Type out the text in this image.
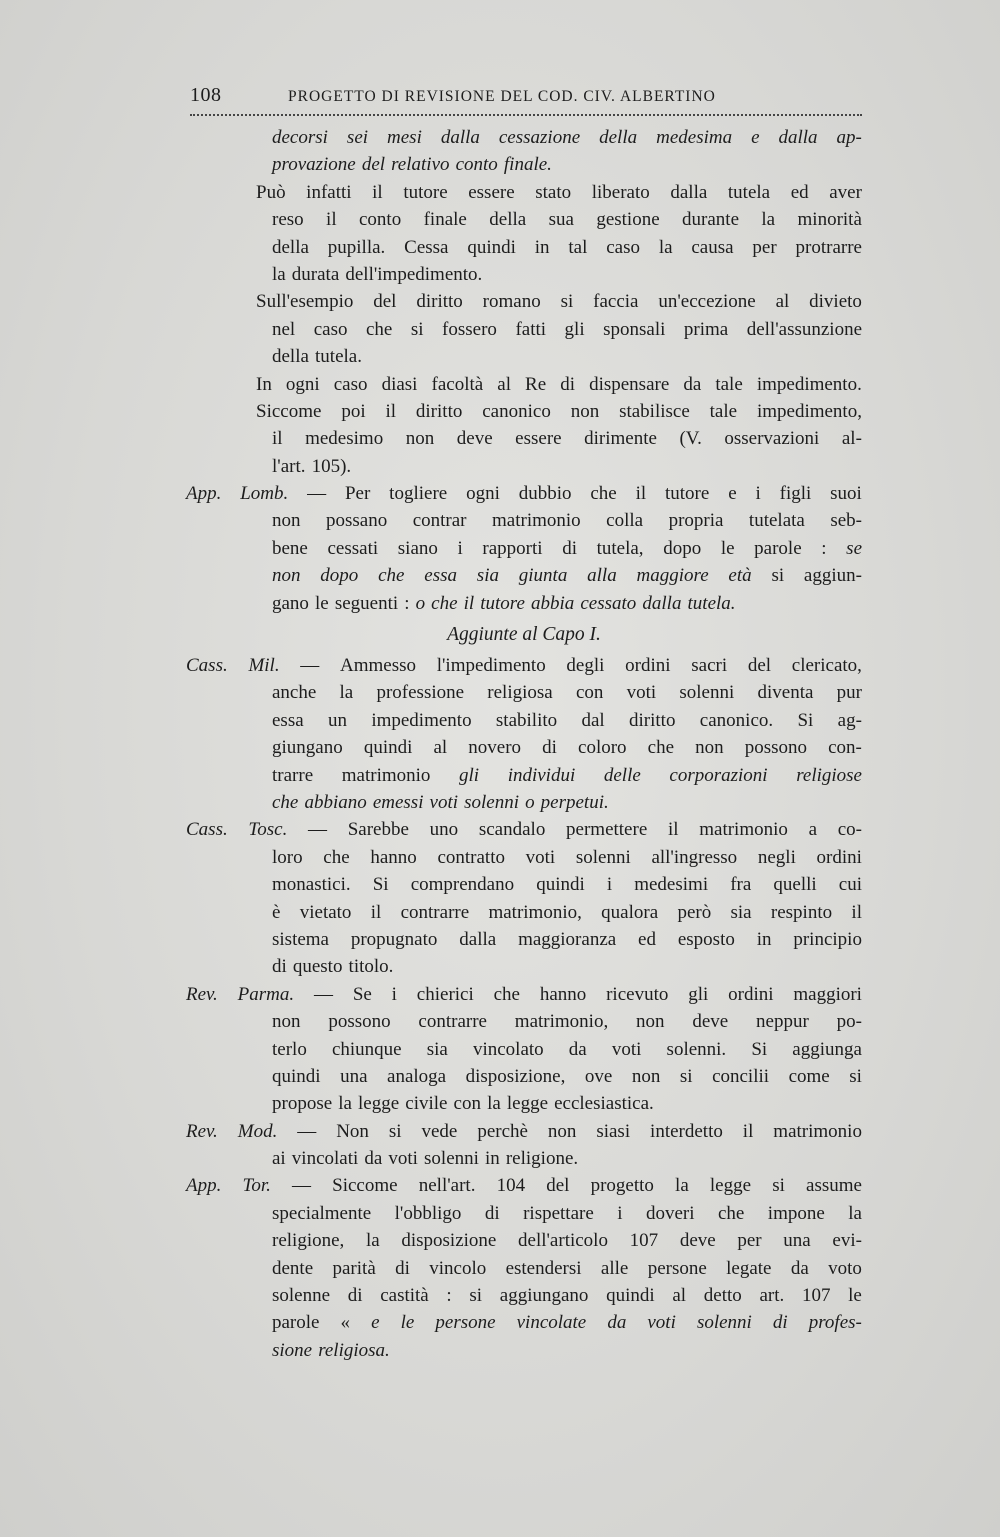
108	PROGETTO DI REVISIONE DEL COD. CIV. ALBERTINO
decorsi sei mesi dalla cessazione della medesima e dalla ap-
provazione del relativo conto finale.
Può infatti il tutore essere stato liberato dalla tutela ed aver
reso il conto finale della sua gestione durante la minorità
della pupilla. Cessa quindi in tal caso la causa per protrarre
la durata dell'impedimento.
Sull'esempio del diritto romano si faccia un'eccezione al divieto
nel caso che si fossero fatti gli sponsali prima dell'assunzione
della tutela.
In ogni caso diasi facoltà al Re di dispensare da tale impedimento.
Siccome poi il diritto canonico non stabilisce tale impedimento,
il medesimo non deve essere dirimente (V. osservazioni al-
l'art. 105).
App. Lomb. — Per togliere ogni dubbio che il tutore e i figli suoi
non possano contrar matrimonio colla propria tutelata seb-
bene cessati siano i rapporti di tutela, dopo le parole : se
non dopo che essa sia giunta alla maggiore età si aggiun-
gano le seguenti : o che il tutore abbia cessato dalla tutela.
Aggiunte al Capo I.
Cass. Mil. — Ammesso l'impedimento degli ordini sacri del clericato,
anche la professione religiosa con voti solenni diventa pur
essa un impedimento stabilito dal diritto canonico. Si ag-
giungano quindi al novero di coloro che non possono con-
trarre matrimonio gli individui delle corporazioni religiose
che abbiano emessi voti solenni o perpetui.
Cass. Tosc. — Sarebbe uno scandalo permettere il matrimonio a co-
loro che hanno contratto voti solenni all'ingresso negli ordini
monastici. Si comprendano quindi i medesimi fra quelli cui
è vietato il contrarre matrimonio, qualora però sia respinto il
sistema propugnato dalla maggioranza ed esposto in principio
di questo titolo.
Rev. Parma. — Se i chierici che hanno ricevuto gli ordini maggiori
non possono contrarre matrimonio, non deve neppur po-
terlo chiunque sia vincolato da voti solenni. Si aggiunga
quindi una analoga disposizione, ove non si concilii come si
propose la legge civile con la legge ecclesiastica.
Rev. Mod. — Non si vede perchè non siasi interdetto il matrimonio
ai vincolati da voti solenni in religione.
App. Tor. — Siccome nell'art. 104 del progetto la legge si assume
specialmente l'obbligo di rispettare i doveri che impone la
religione, la disposizione dell'articolo 107 deve per una evi-
dente parità di vincolo estendersi alle persone legate da voto
solenne di castità : si aggiungano quindi al detto art. 107 le
parole « e le persone vincolate da voti solenni di profes-
sione religiosa.
